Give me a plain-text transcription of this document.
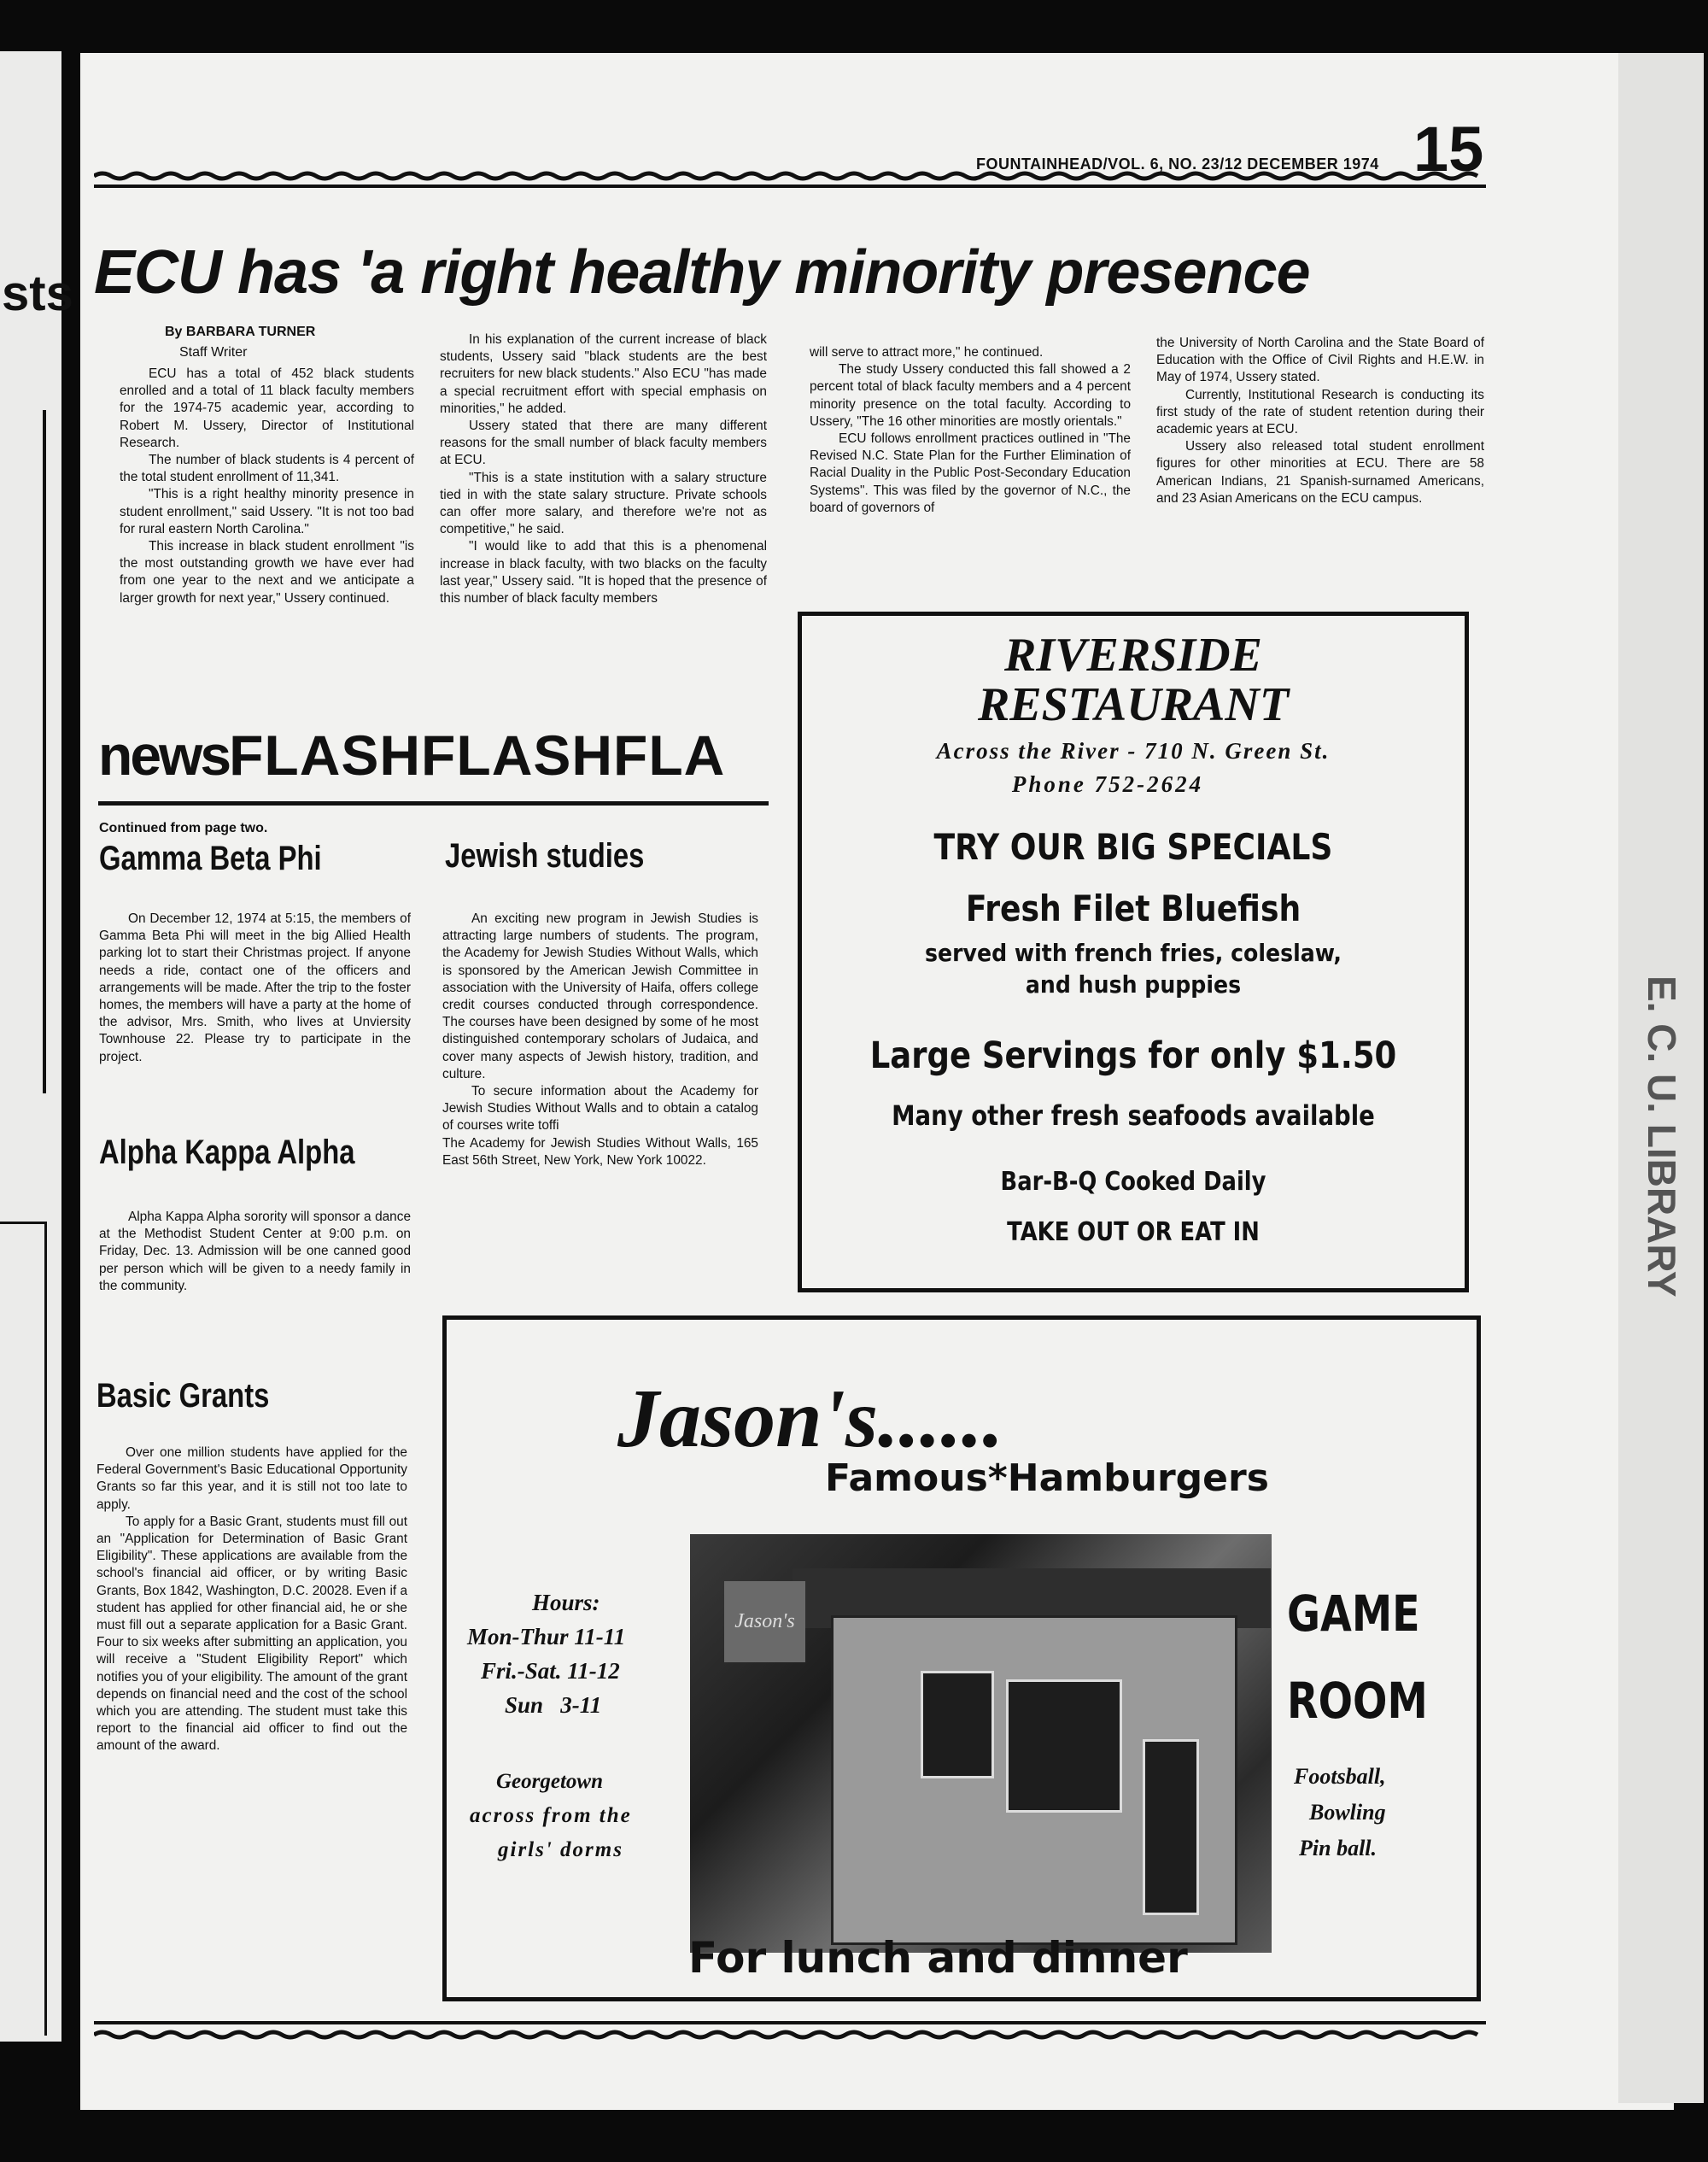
sts
E. C. U. LIBRARY
FOUNTAINHEAD/VOL. 6, NO. 23/12 DECEMBER 1974 15
ECU has 'a right healthy minority presence
By BARBARA TURNER
Staff Writer

ECU has a total of 452 black students enrolled and a total of 11 black faculty members for the 1974-75 academic year, according to Robert M. Ussery, Director of Institutional Research.

The number of black students is 4 percent of the total student enrollment of 11,341.

"This is a right healthy minority presence in student enrollment," said Ussery. "It is not too bad for rural eastern North Carolina."

This increase in black student enrollment "is the most outstanding growth we have ever had from one year to the next and we anticipate a larger growth for next year," Ussery continued.

In his explanation of the current increase of black students, Ussery said "black students are the best recruiters for new black students." Also ECU "has made a special recruitment effort with special emphasis on minorities," he added.

Ussery stated that there are many different reasons for the small number of black faculty members at ECU.

"This is a state institution with a salary structure tied in with the state salary structure. Private schools can offer more salary, and therefore we're not as competitive," he said.

"I would like to add that this is a phenomenal increase in black faculty, with two blacks on the faculty last year," Ussery said. "It is hoped that the presence of this number of black faculty members

will serve to attract more," he continued.

The study Ussery conducted this fall showed a 2 percent total of black faculty members and a 4 percent minority presence on the total faculty. According to Ussery, "The 16 other minorities are mostly orientals."

ECU follows enrollment practices outlined in "The Revised N.C. State Plan for the Further Elimination of Racial Duality in the Public Post-Secondary Education Systems". This was filed by the governor of N.C., the board of governors of

the University of North Carolina and the State Board of Education with the Office of Civil Rights and H.E.W. in May of 1974, Ussery stated.

Currently, Institutional Research is conducting its first study of the rate of student retention during their academic years at ECU.

Ussery also released total student enrollment figures for other minorities at ECU. There are 58 American Indians, 21 Spanish-surnamed Americans, and 23 Asian Americans on the ECU campus.

newsFLASHFLASHFLA
Continued from page two.
Gamma Beta Phi

On December 12, 1974 at 5:15, the members of Gamma Beta Phi will meet in the big Allied Health parking lot to start their Christmas project. If anyone needs a ride, contact one of the officers and arrangements will be made. After the trip to the foster homes, the members will have a party at the home of the advisor, Mrs. Smith, who lives at Unviersity Townhouse 22. Please try to participate in the project.

Alpha Kappa Alpha

Alpha Kappa Alpha sorority will sponsor a dance at the Methodist Student Center at 9:00 p.m. on Friday, Dec. 13. Admission will be one canned good per person which will be given to a needy family in the community.

Basic Grants

Over one million students have applied for the Federal Government's Basic Educational Opportunity Grants so far this year, and it is still not too late to apply.

To apply for a Basic Grant, students must fill out an "Application for Determination of Basic Grant Eligibility". These applications are available from the school's financial aid officer, or by writing Basic Grants, Box 1842, Washington, D.C. 20028. Even if a student has applied for other financial aid, he or she must fill out a separate application for a Basic Grant. Four to six weeks after submitting an application, you will receive a "Student Eligibility Report" which notifies you of your eligibility. The amount of the grant depends on financial need and the cost of the school which you are attending. The student must take this report to the financial aid officer to find out the amount of the award.

Jewish studies

An exciting new program in Jewish Studies is attracting large numbers of students. The program, the Academy for Jewish Studies Without Walls, which is sponsored by the American Jewish Committee in association with the University of Haifa, offers college credit courses conducted through correspondence. The courses have been designed by some of he most distinguished contemporary scholars of Judaica, and cover many aspects of Jewish history, tradition, and culture.

To secure information about the Academy for Jewish Studies Without Walls and to obtain a catalog of courses write toffi

The Academy for Jewish Studies Without Walls, 165 East 56th Street, New York, New York 10022.

RIVERSIDE
RESTAURANT
Across the River - 710 N. Green St.
Phone 752-2624
TRY OUR BIG SPECIALS
Fresh Filet Bluefish
served with french fries, coleslaw,
and hush puppies
Large Servings for only $1.50
Many other fresh seafoods available
Bar-B-Q Cooked Daily
TAKE OUT OR EAT IN
Jason's......
Famous*Hamburgers
Hours:
Mon-Thur 11-11
Fri.-Sat. 11-12
Sun   3-11
Georgetown
across from the
girls' dorms
Jason's	GAME
ROOM
Footsball,
Bowling
Pin ball.
For lunch and dinner
